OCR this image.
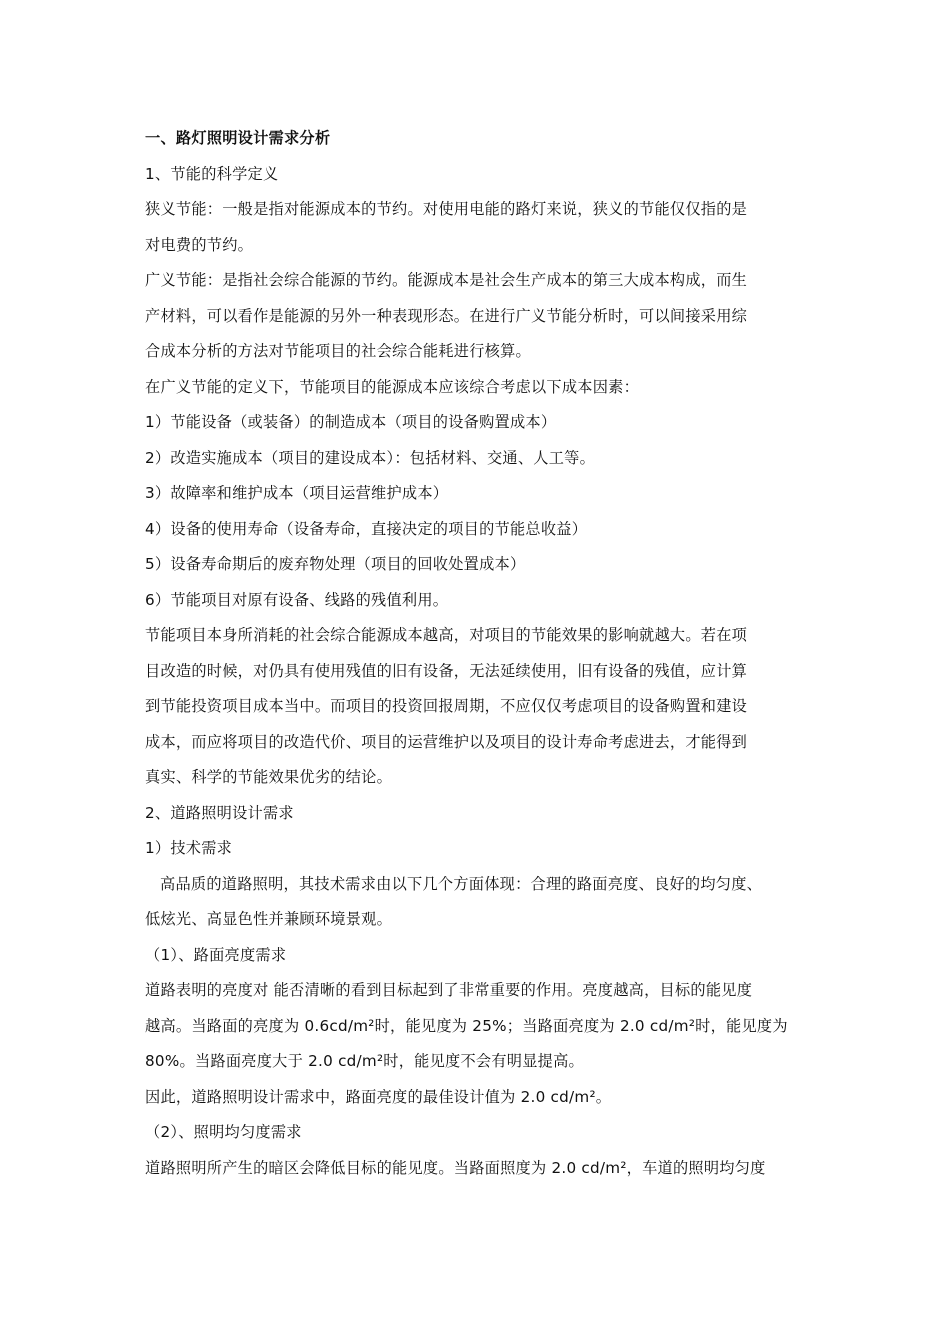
一、路灯照明设计需求分析
1、节能的科学定义
狭义节能：一般是指对能源成本的节约。对使用电能的路灯来说，狭义的节能仅仅指的是
对电费的节约。
广义节能：是指社会综合能源的节约。能源成本是社会生产成本的第三大成本构成，而生
产材料，可以看作是能源的另外一种表现形态。在进行广义节能分析时，可以间接采用综
合成本分析的方法对节能项目的社会综合能耗进行核算。
在广义节能的定义下，节能项目的能源成本应该综合考虑以下成本因素：
1）节能设备（或装备）的制造成本（项目的设备购置成本）
2）改造实施成本（项目的建设成本）：包括材料、交通、人工等。
3）故障率和维护成本（项目运营维护成本）
4）设备的使用寿命（设备寿命，直接决定的项目的节能总收益）
5）设备寿命期后的废弃物处理（项目的回收处置成本）
6）节能项目对原有设备、线路的残值利用。
节能项目本身所消耗的社会综合能源成本越高，对项目的节能效果的影响就越大。若在项
目改造的时候，对仍具有使用残值的旧有设备，无法延续使用，旧有设备的残值，应计算
到节能投资项目成本当中。而项目的投资回报周期，不应仅仅考虑项目的设备购置和建设
成本，而应将项目的改造代价、项目的运营维护以及项目的设计寿命考虑进去，才能得到
真实、科学的节能效果优劣的结论。
2、道路照明设计需求
1）技术需求
高品质的道路照明，其技术需求由以下几个方面体现：合理的路面亮度、良好的均匀度、
低炫光、高显色性并兼顾环境景观。
（1）、路面亮度需求
道路表明的亮度对 能否清晰的看到目标起到了非常重要的作用。亮度越高，目标的能见度
越高。当路面的亮度为 0.6cd/m²时，能见度为 25%；当路面亮度为 2.0 cd/m²时，能见度为
80%。当路面亮度大于 2.0 cd/m²时，能见度不会有明显提高。
因此，道路照明设计需求中，路面亮度的最佳设计值为 2.0 cd/m²。
（2）、照明均匀度需求
道路照明所产生的暗区会降低目标的能见度。当路面照度为 2.0 cd/m²，车道的照明均匀度
